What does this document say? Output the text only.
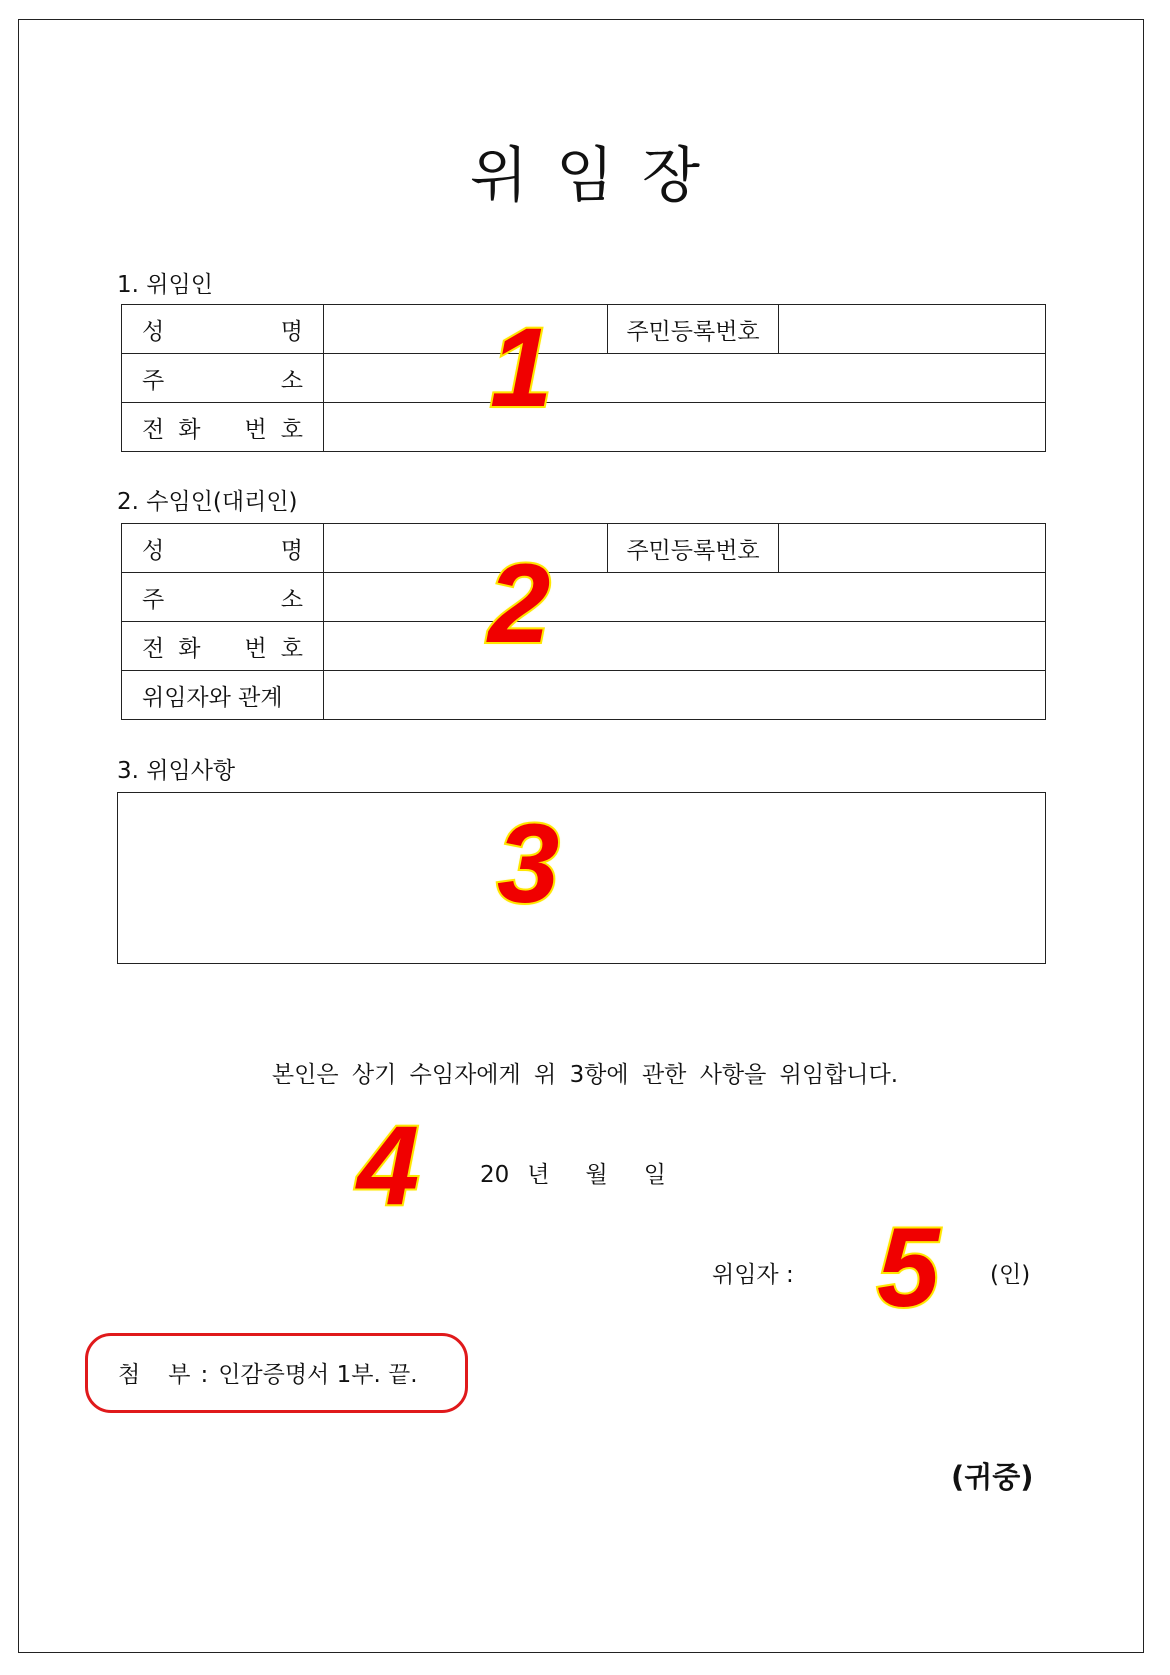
위 임 장
1. 위임인
성 명		주민등록번호	

주 소			

전 화 번 호			

2. 수임인(대리인)
성 명		주민등록번호	

주 소			

전 화 번 호			

위임자와 관계			
3. 위임사항
본인은 상기 수임자에게 위 3항에 관한 사항을 위임합니다.
20 년 월 일
위임자 :	(인)
첨 부 : 인감증명서 1부. 끝.
(귀중)
1
2
3
4
5
